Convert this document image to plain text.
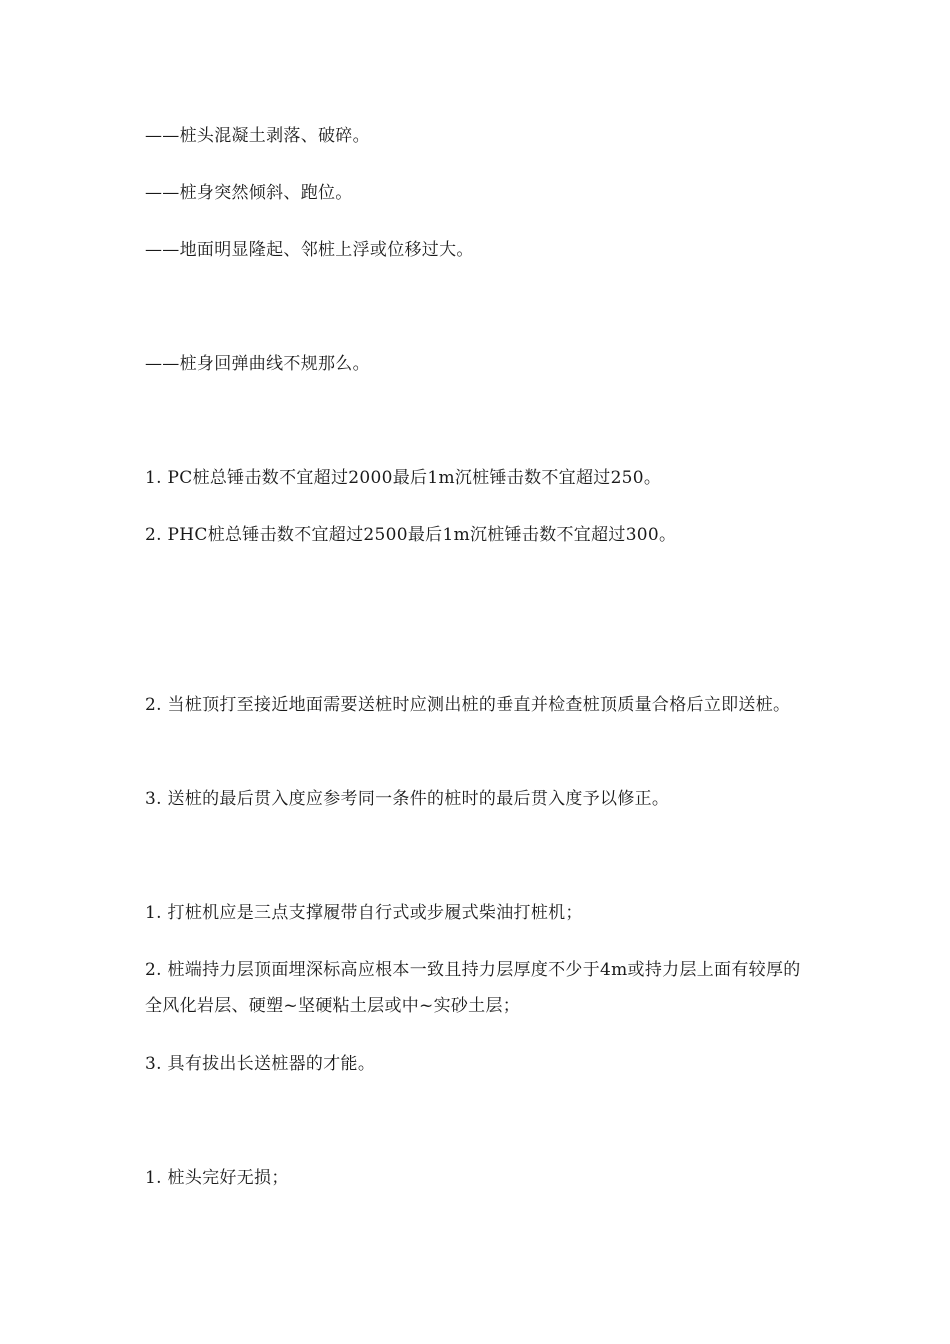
——桩头混凝土剥落、破碎。

——桩身突然倾斜、跑位。

——地面明显隆起、邻桩上浮或位移过大。

——桩身回弹曲线不规那么。

1. PC桩总锤击数不宜超过2000最后1m沉桩锤击数不宜超过250。

2. PHC桩总锤击数不宜超过2500最后1m沉桩锤击数不宜超过300。

2. 当桩顶打至接近地面需要送桩时应测出桩的垂直并检查桩顶质量合格后立即送桩。

3. 送桩的最后贯入度应参考同一条件的桩时的最后贯入度予以修正。

1. 打桩机应是三点支撑履带自行式或步履式柴油打桩机；

2. 桩端持力层顶面埋深标高应根本一致且持力层厚度不少于4m或持力层上面有较厚的全风化岩层、硬塑~坚硬粘土层或中~实砂土层；

3. 具有拔出长送桩器的才能。

1. 桩头完好无损；
